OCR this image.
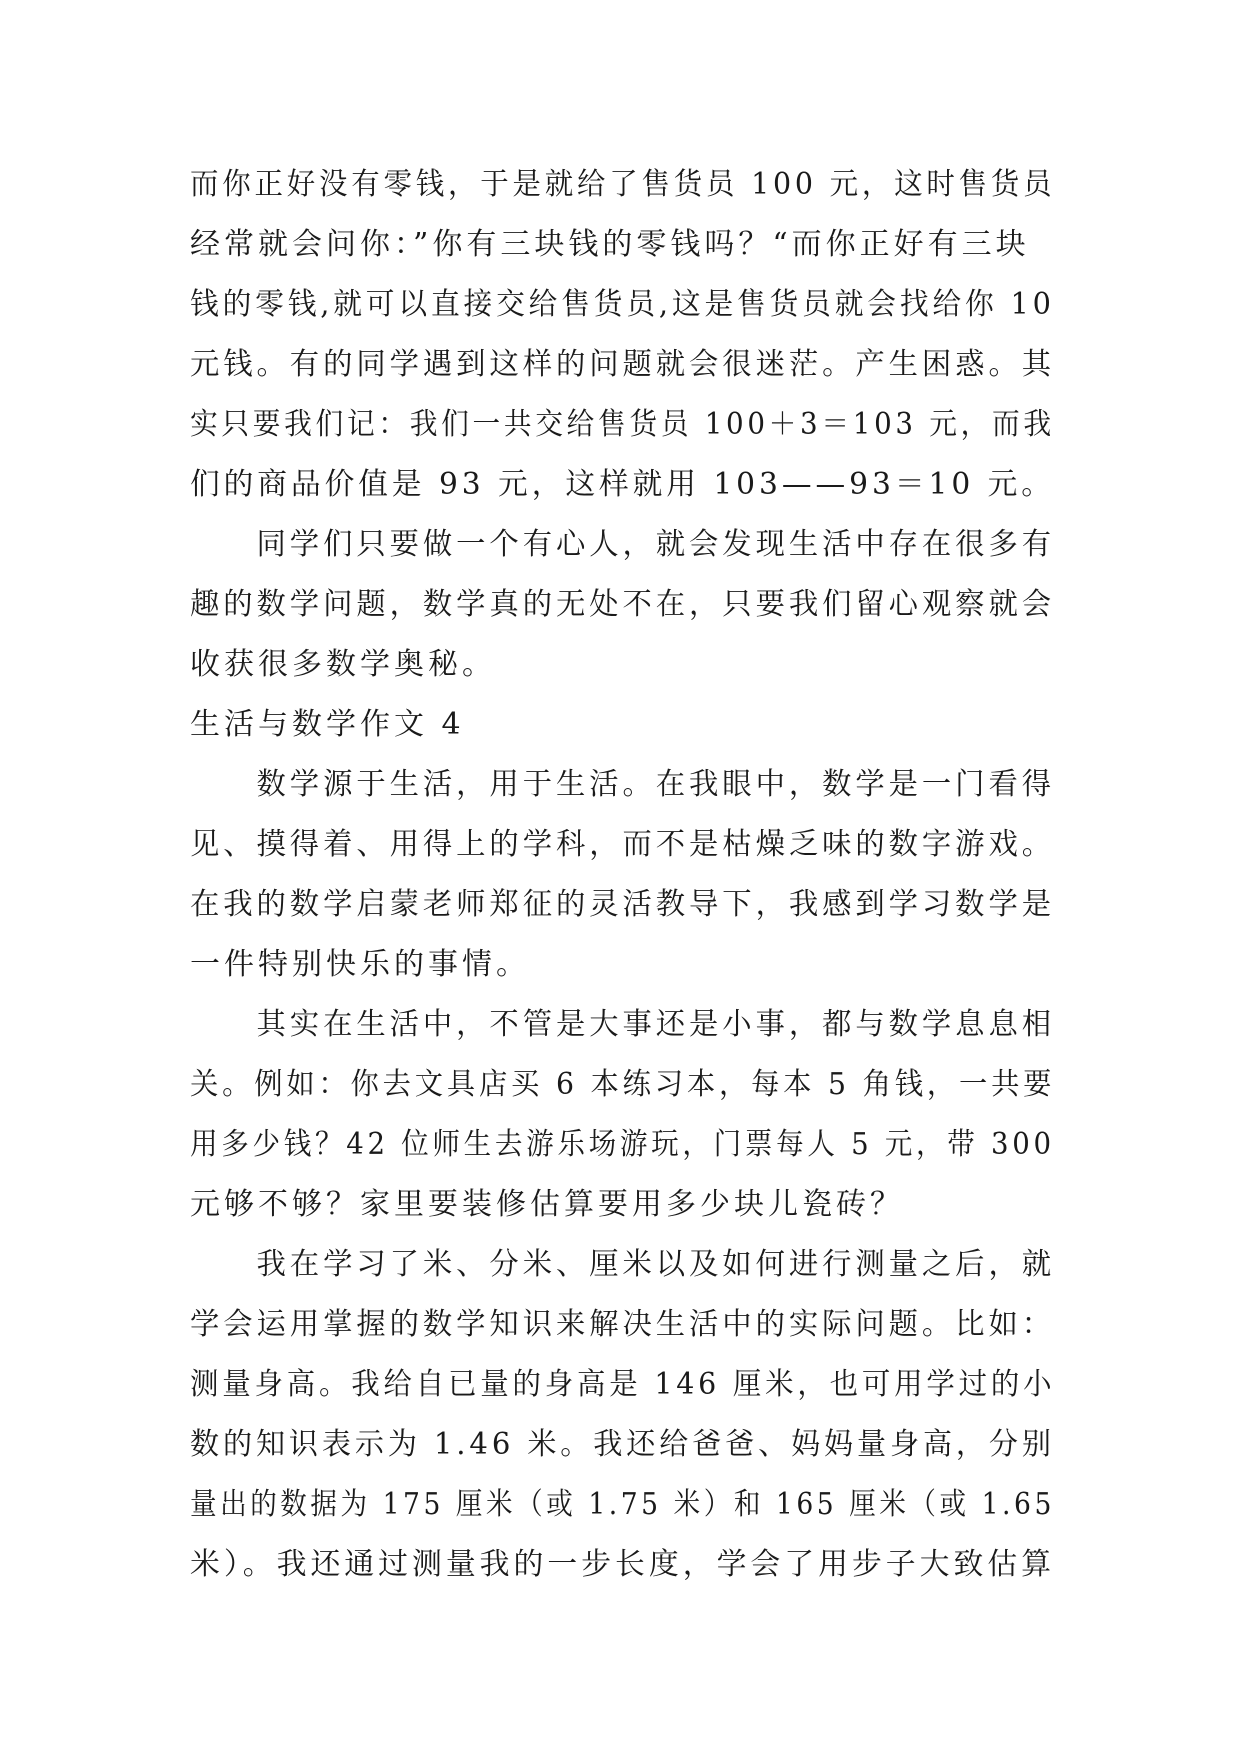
而你正好没有零钱，于是就给了售货员 100 元，这时售货员
经常就会问你：”你有三块钱的零钱吗？“而你正好有三块
钱的零钱,就可以直接交给售货员,这是售货员就会找给你 10
元钱。有的同学遇到这样的问题就会很迷茫。产生困惑。其
实只要我们记：我们一共交给售货员 100＋3＝103 元，而我
们的商品价值是 93 元，这样就用 103——93＝10 元。
同学们只要做一个有心人，就会发现生活中存在很多有
趣的数学问题，数学真的无处不在，只要我们留心观察就会
收获很多数学奥秘。
生活与数学作文 4
数学源于生活，用于生活。在我眼中，数学是一门看得
见、摸得着、用得上的学科，而不是枯燥乏味的数字游戏。
在我的数学启蒙老师郑征的灵活教导下，我感到学习数学是
一件特别快乐的事情。
其实在生活中，不管是大事还是小事，都与数学息息相
关。例如：你去文具店买 6 本练习本，每本 5 角钱，一共要
用多少钱？42 位师生去游乐场游玩，门票每人 5 元，带 300
元够不够？家里要装修估算要用多少块儿瓷砖？
我在学习了米、分米、厘米以及如何进行测量之后，就
学会运用掌握的数学知识来解决生活中的实际问题。比如：
测量身高。我给自已量的身高是 146 厘米，也可用学过的小
数的知识表示为 1.46 米。我还给爸爸、妈妈量身高，分别
量出的数据为 175 厘米（或 1.75 米）和 165 厘米（或 1.65
米）。我还通过测量我的一步长度，学会了用步子大致估算
